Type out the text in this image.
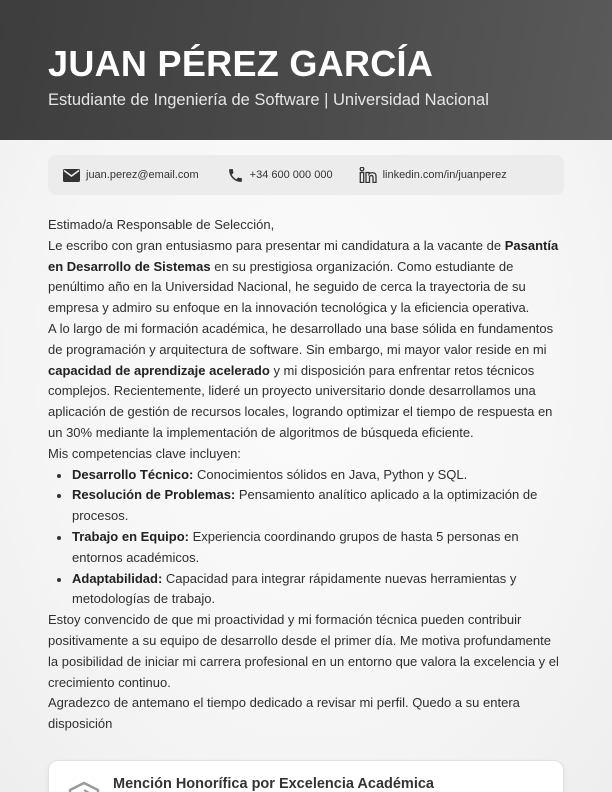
JUAN PÉREZ GARCÍA
Estudiante de Ingeniería de Software | Universidad Nacional
juan.perez@email.com	+34 600 000 000	linkedin.com/in/juanperez

Estimado/a Responsable de Selección,

Le escribo con gran entusiasmo para presentar mi candidatura a la vacante de Pasantía en Desarrollo de Sistemas en su prestigiosa organización. Como estudiante de penúltimo año en la Universidad Nacional, he seguido de cerca la trayectoria de su empresa y admiro su enfoque en la innovación tecnológica y la eficiencia operativa.

A lo largo de mi formación académica, he desarrollado una base sólida en fundamentos de programación y arquitectura de software. Sin embargo, mi mayor valor reside en mi capacidad de aprendizaje acelerado y mi disposición para enfrentar retos técnicos complejos. Recientemente, lideré un proyecto universitario donde desarrollamos una aplicación de gestión de recursos locales, logrando optimizar el tiempo de respuesta en un 30% mediante la implementación de algoritmos de búsqueda eficiente.

Mis competencias clave incluyen:

Desarrollo Técnico: Conocimientos sólidos en Java, Python y SQL.
Resolución de Problemas: Pensamiento analítico aplicado a la optimización de procesos.
Trabajo en Equipo: Experiencia coordinando grupos de hasta 5 personas en entornos académicos.
Adaptabilidad: Capacidad para integrar rápidamente nuevas herramientas y metodologías de trabajo.

Estoy convencido de que mi proactividad y mi formación técnica pueden contribuir positivamente a su equipo de desarrollo desde el primer día. Me motiva profundamente la posibilidad de iniciar mi carrera profesional en un entorno que valora la excelencia y el crecimiento continuo.

Agradezco de antemano el tiempo dedicado a revisar mi perfil. Quedo a su entera disposición

Mención Honorífica por Excelencia Académica
